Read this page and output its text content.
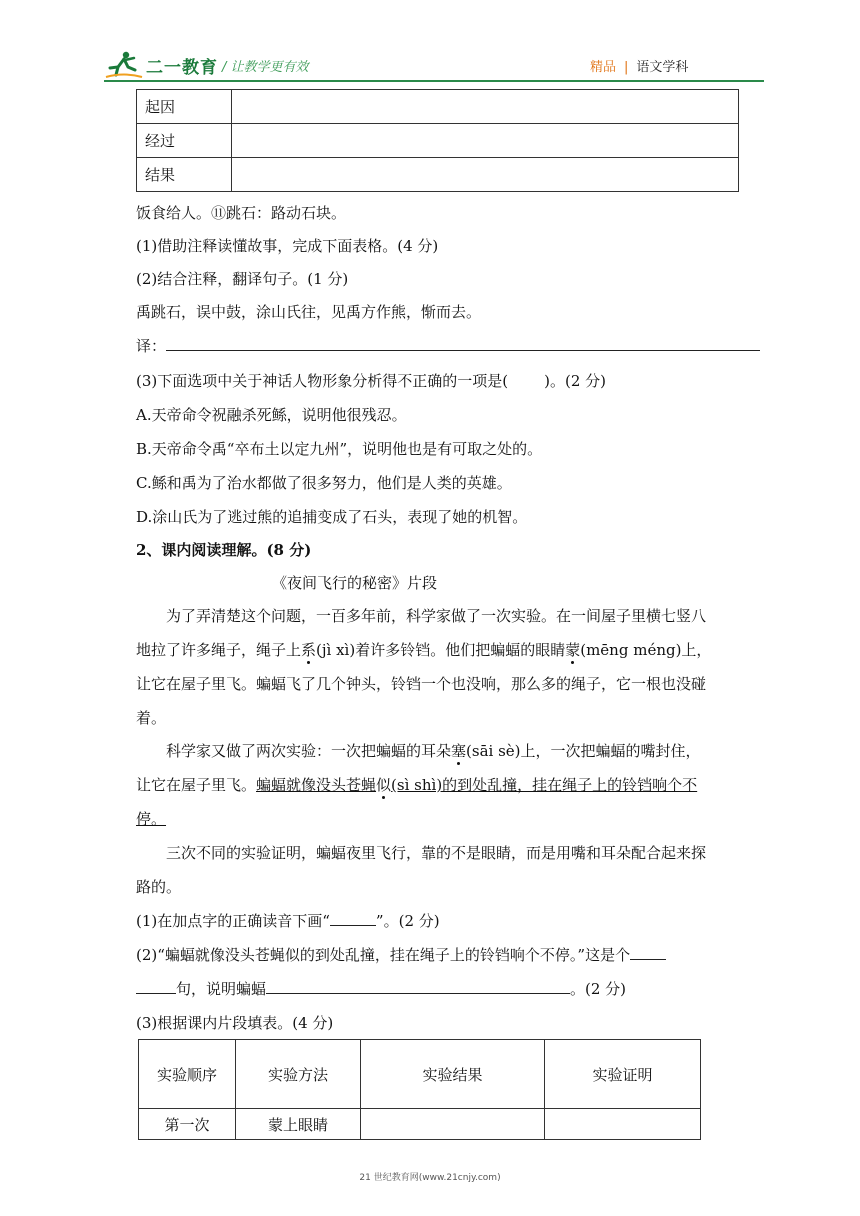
二一教育 / 让教学更有效	精品 | 语文学科
起因	
经过	
结果	
饭食给人。⑪跳石：路动石块。
(1)借助注释读懂故事，完成下面表格。(4 分)
(2)结合注释，翻译句子。(1 分)
禹跳石，误中鼓，涂山氏往，见禹方作熊，惭而去。
译：
(3)下面选项中关于神话人物形象分析得不正确的一项是( )。(2 分)
A.天帝命令祝融杀死鲧，说明他很残忍。
B.天帝命令禹“卒布土以定九州”，说明他也是有可取之处的。
C.鲧和禹为了治水都做了很多努力，他们是人类的英雄。
D.涂山氏为了逃过熊的追捕变成了石头，表现了她的机智。
2、课内阅读理解。(8 分)
《夜间飞行的秘密》片段
为了弄清楚这个问题，一百多年前，科学家做了一次实验。在一间屋子里横七竖八
地拉了许多绳子，绳子上系(jì xì)着许多铃铛。他们把蝙蝠的眼睛蒙(mēng méng)上，
让它在屋子里飞。蝙蝠飞了几个钟头，铃铛一个也没响，那么多的绳子，它一根也没碰
着。
科学家又做了两次实验：一次把蝙蝠的耳朵塞(sāi sè)上，一次把蝙蝠的嘴封住，
让它在屋子里飞。蝙蝠就像没头苍蝇似(sì shì)的到处乱撞，挂在绳子上的铃铛响个不
停。
三次不同的实验证明，蝙蝠夜里飞行，靠的不是眼睛，而是用嘴和耳朵配合起来探
路的。
(1)在加点字的正确读音下画“	”。(2 分)
(2)“蝙蝠就像没头苍蝇似的到处乱撞，挂在绳子上的铃铛响个不停。”这是个
句，说明蝙蝠	。(2 分)
(3)根据课内片段填表。(4 分)
实验顺序	实验方法	实验结果	实验证明
第一次	蒙上眼睛		
21 世纪教育网(www.21cnjy.com)
